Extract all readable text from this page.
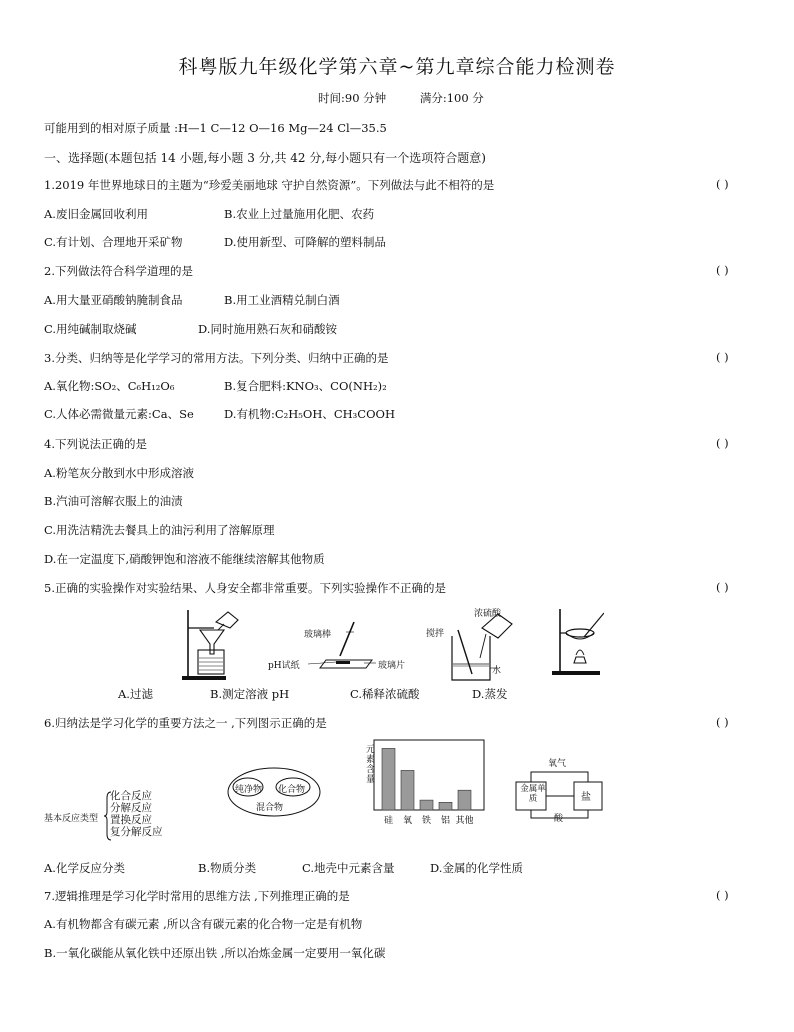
科粤版九年级化学第六章~第九章综合能力检测卷
时间:90 分钟	满分:100 分
可能用到的相对原子质量 :H—1 C—12 O—16 Mg—24 Cl—35.5
一、选择题(本题包括 14 小题,每小题 3 分,共 42 分,每小题只有一个选项符合题意)
1.2019 年世界地球日的主题为“珍爱美丽地球 守护自然资源”。下列做法与此不相符的是	( )
A.废旧金属回收利用	B.农业上过量施用化肥、农药
C.有计划、合理地开采矿物	D.使用新型、可降解的塑料制品
2.下列做法符合科学道理的是	( )
A.用大量亚硝酸钠腌制食品	B.用工业酒精兑制白酒
C.用纯碱制取烧碱	D.同时施用熟石灰和硝酸铵
3.分类、归纳等是化学学习的常用方法。下列分类、归纳中正确的是	( )
A.氧化物:SO₂、C₆H₁₂O₆	B.复合肥料:KNO₃、CO(NH₂)₂
C.人体必需微量元素:Ca、Se	D.有机物:C₂H₅OH、CH₃COOH
4.下列说法正确的是	( )
A.粉笔灰分散到水中形成溶液
B.汽油可溶解衣服上的油渍
C.用洗洁精洗去餐具上的油污利用了溶解原理
D.在一定温度下,硝酸钾饱和溶液不能继续溶解其他物质
5.正确的实验操作对实验结果、人身安全都非常重要。下列实验操作不正确的是	( )
玻璃棒
pH试纸	玻璃片
浓硫酸
搅拌
水
A.过滤	B.测定溶液 pH	C.稀释浓硫酸	D.蒸发
6.归纳法是学习化学的重要方法之一 ,下列图示正确的是	( )
基本反应类型
化合反应
分解反应
置换反应
复分解反应
纯净物 化合物
混合物
硅 氧 铁 铝 其他
元素含量
氧气
金属单质	盐
酸
A.化学反应分类	B.物质分类	C.地壳中元素含量	D.金属的化学性质
7.逻辑推理是学习化学时常用的思维方法 ,下列推理正确的是	( )
A.有机物都含有碳元素 ,所以含有碳元素的化合物一定是有机物
B.一氧化碳能从氧化铁中还原出铁 ,所以冶炼金属一定要用一氧化碳
